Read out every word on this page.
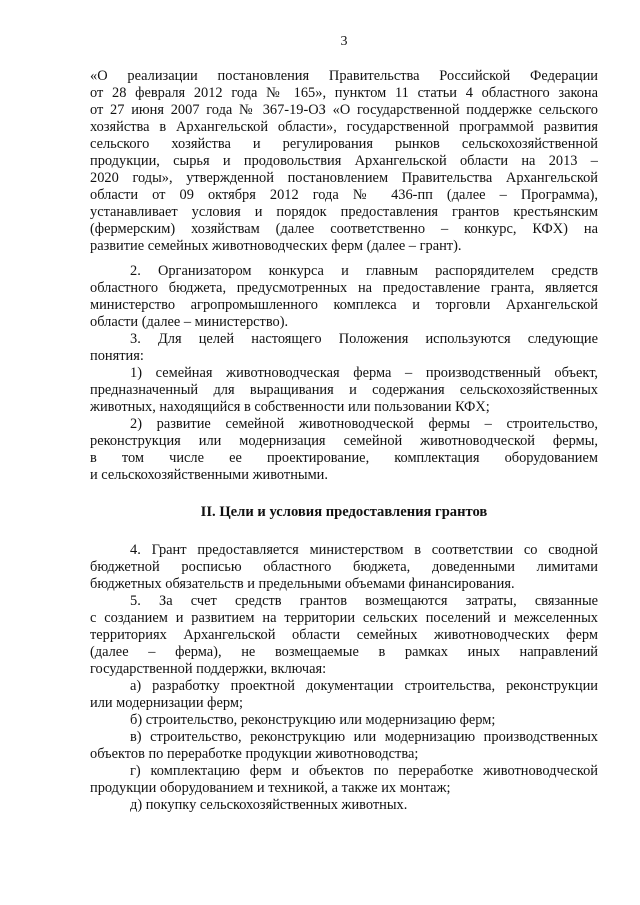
3
«О реализации постановления Правительства Российской Федерации
от 28 февраля 2012 года № 165», пунктом 11 статьи 4 областного закона
от 27 июня 2007 года № 367-19-ОЗ «О государственной поддержке сельского
хозяйства в Архангельской области», государственной программой развития
сельского хозяйства и регулирования рынков сельскохозяйственной
продукции, сырья и продовольствия Архангельской области на 2013 –
2020 годы», утвержденной постановлением Правительства Архангельской
области от 09 октября 2012 года № 436-пп (далее – Программа),
устанавливает условия и порядок предоставления грантов крестьянским
(фермерским) хозяйствам (далее соответственно – конкурс, КФХ) на
развитие семейных животноводческих ферм (далее – грант).
2. Организатором конкурса и главным распорядителем средств
областного бюджета, предусмотренных на предоставление гранта, является
министерство агропромышленного комплекса и торговли Архангельской
области (далее – министерство).
3. Для целей настоящего Положения используются следующие
понятия:
1) семейная животноводческая ферма – производственный объект,
предназначенный для выращивания и содержания сельскохозяйственных
животных, находящийся в собственности или пользовании КФХ;
2) развитие семейной животноводческой фермы – строительство,
реконструкция или модернизация семейной животноводческой фермы,
в том числе ее проектирование, комплектация оборудованием
и сельскохозяйственными животными.
II. Цели и условия предоставления грантов
4. Грант предоставляется министерством в соответствии со сводной
бюджетной росписью областного бюджета, доведенными лимитами
бюджетных обязательств и предельными объемами финансирования.
5. За счет средств грантов возмещаются затраты, связанные
с созданием и развитием на территории сельских поселений и межселенных
территориях Архангельской области семейных животноводческих ферм
(далее – ферма), не возмещаемые в рамках иных направлений
государственной поддержки, включая:
а) разработку проектной документации строительства, реконструкции
или модернизации ферм;
б) строительство, реконструкцию или модернизацию ферм;
в) строительство, реконструкцию или модернизацию производственных
объектов по переработке продукции животноводства;
г) комплектацию ферм и объектов по переработке животноводческой
продукции оборудованием и техникой, а также их монтаж;
д) покупку сельскохозяйственных животных.
